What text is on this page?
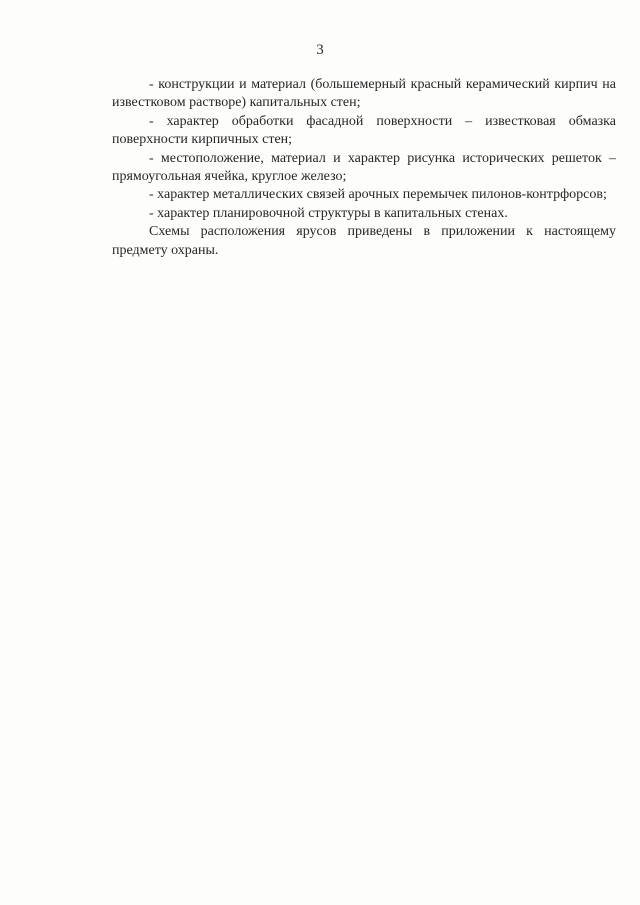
3

- конструкции и материал (большемерный красный керамический кирпич на известковом растворе) капитальных стен;

- характер обработки фасадной поверхности – известковая обмазка поверхности кирпичных стен;

- местоположение, материал и характер рисунка исторических решеток – прямоугольная ячейка, круглое железо;

- характер металлических связей арочных перемычек пилонов-контрфорсов;

- характер планировочной структуры в капитальных стенах.

Схемы расположения ярусов приведены в приложении к настоящему предмету охраны.
